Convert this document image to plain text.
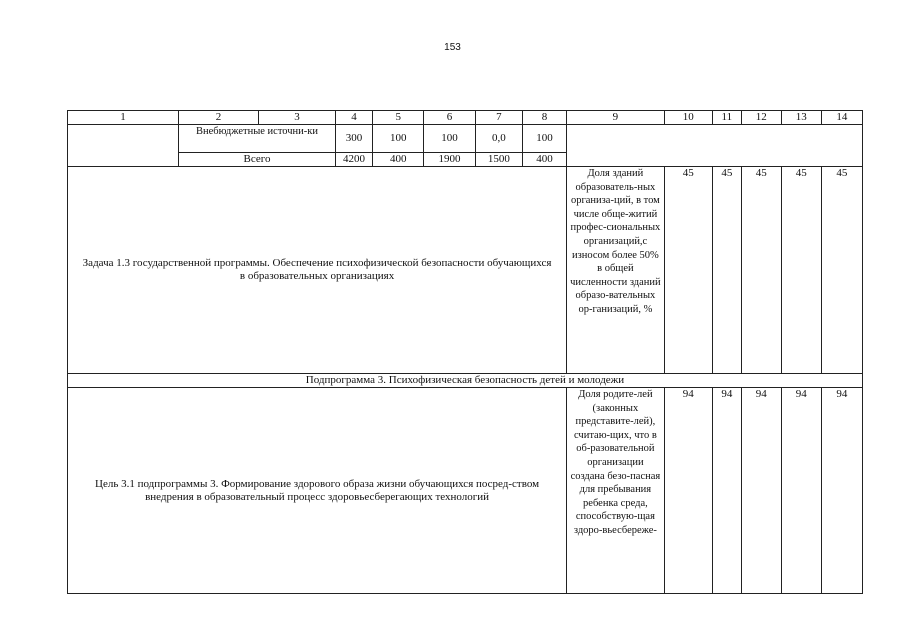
153
1	2	3	4	5	6	7	8	9	10	11	12	13	14
	Внебюджетные источни-ки		300	100	100	0,0	100						
	Всего		4200	400	1900	1500	400						
Задача 1.3 государственной программы. Обеспечение психофизической безопасности обучающихся в образовательных организациях								Доля зданий образователь-ных организа-ций, в том числе обще-житий профес-сиональных организаций,с износом более 50% в общей численности зданий образо-вательных ор-ганизаций, %	45	45	45	45	45
Подпрограмма 3. Психофизическая безопасность детей и молодежи													
Цель 3.1 подпрограммы 3. Формирование здорового образа жизни обучающихся посред-ством внедрения в образовательный процесс здоровьесберегающих технологий								Доля родите-лей (законных представите-лей), считаю-щих, что в об-разовательной организации создана безо-пасная для пребывания ребенка среда, способствую-щая здоро-вьесбереже-	94	94	94	94	94
